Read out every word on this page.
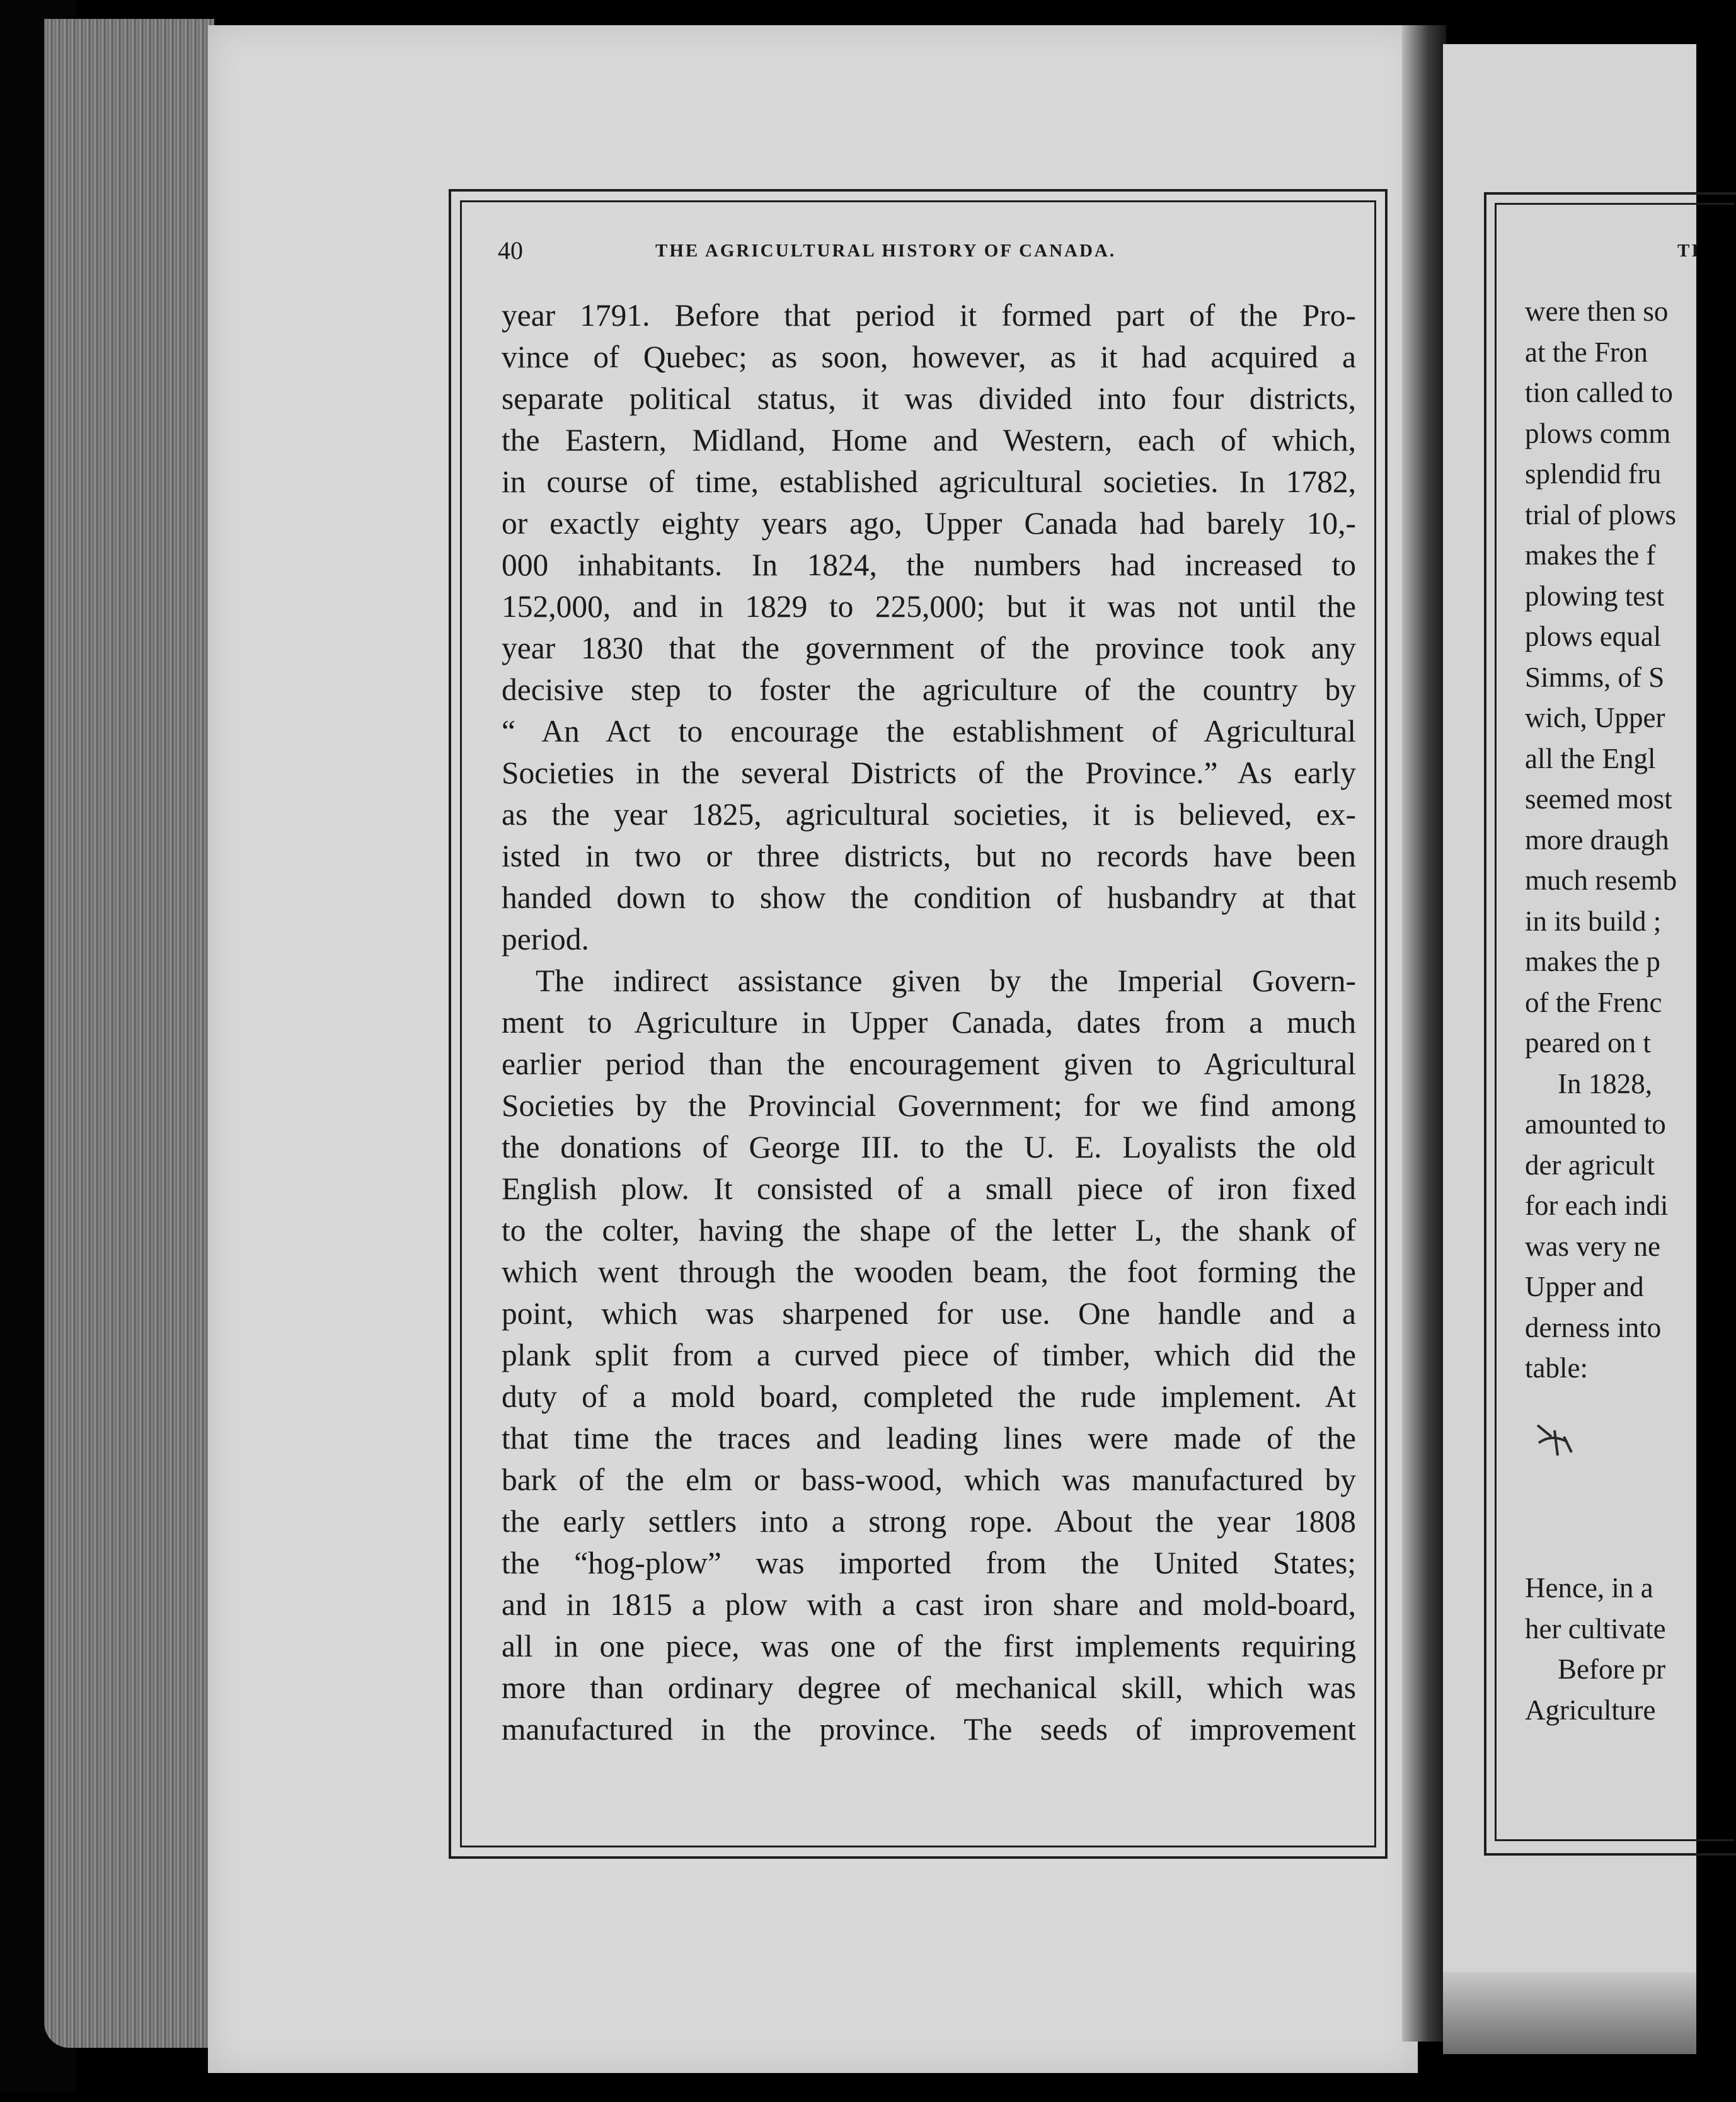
40	THE AGRICULTURAL HISTORY OF CANADA.
year 1791. Before that period it formed part of the Pro-
vince of Quebec; as soon, however, as it had acquired a
separate political status, it was divided into four districts,
the Eastern, Midland, Home and Western, each of which,
in course of time, established agricultural societies. In 1782,
or exactly eighty years ago, Upper Canada had barely 10,-
000 inhabitants. In 1824, the numbers had increased to
152,000, and in 1829 to 225,000; but it was not until the
year 1830 that the government of the province took any
decisive step to foster the agriculture of the country by
“ An Act to encourage the establishment of Agricultural
Societies in the several Districts of the Province.” As early
as the year 1825, agricultural societies, it is believed, ex-
isted in two or three districts, but no records have been
handed down to show the condition of husbandry at that
period.
The indirect assistance given by the Imperial Govern-
ment to Agriculture in Upper Canada, dates from a much
earlier period than the encouragement given to Agricultural
Societies by the Provincial Government; for we find among
the donations of George III. to the U. E. Loyalists the old
English plow. It consisted of a small piece of iron fixed
to the colter, having the shape of the letter L, the shank of
which went through the wooden beam, the foot forming the
point, which was sharpened for use. One handle and a
plank split from a curved piece of timber, which did the
duty of a mold board, completed the rude implement. At
that time the traces and leading lines were made of the
bark of the elm or bass-wood, which was manufactured by
the early settlers into a strong rope. About the year 1808
the “hog-plow” was imported from the United States;
and in 1815 a plow with a cast iron share and mold-board,
all in one piece, was one of the first implements requiring
more than ordinary degree of mechanical skill, which was
manufactured in the province. The seeds of improvement
TI
were then so
at the Fron
tion called to
plows comm
splendid fru
trial of plows
makes the f
plowing test
plows equal
Simms, of S
wich, Upper
all the Engl
seemed most
more draugh
much resemb
in its build ;
makes the p
of the Frenc
peared on t
In 1828,
amounted to
der agricult
for each indi
was very ne
Upper and
derness into
table:
Hence, in a
her cultivate
Before pr
Agriculture
